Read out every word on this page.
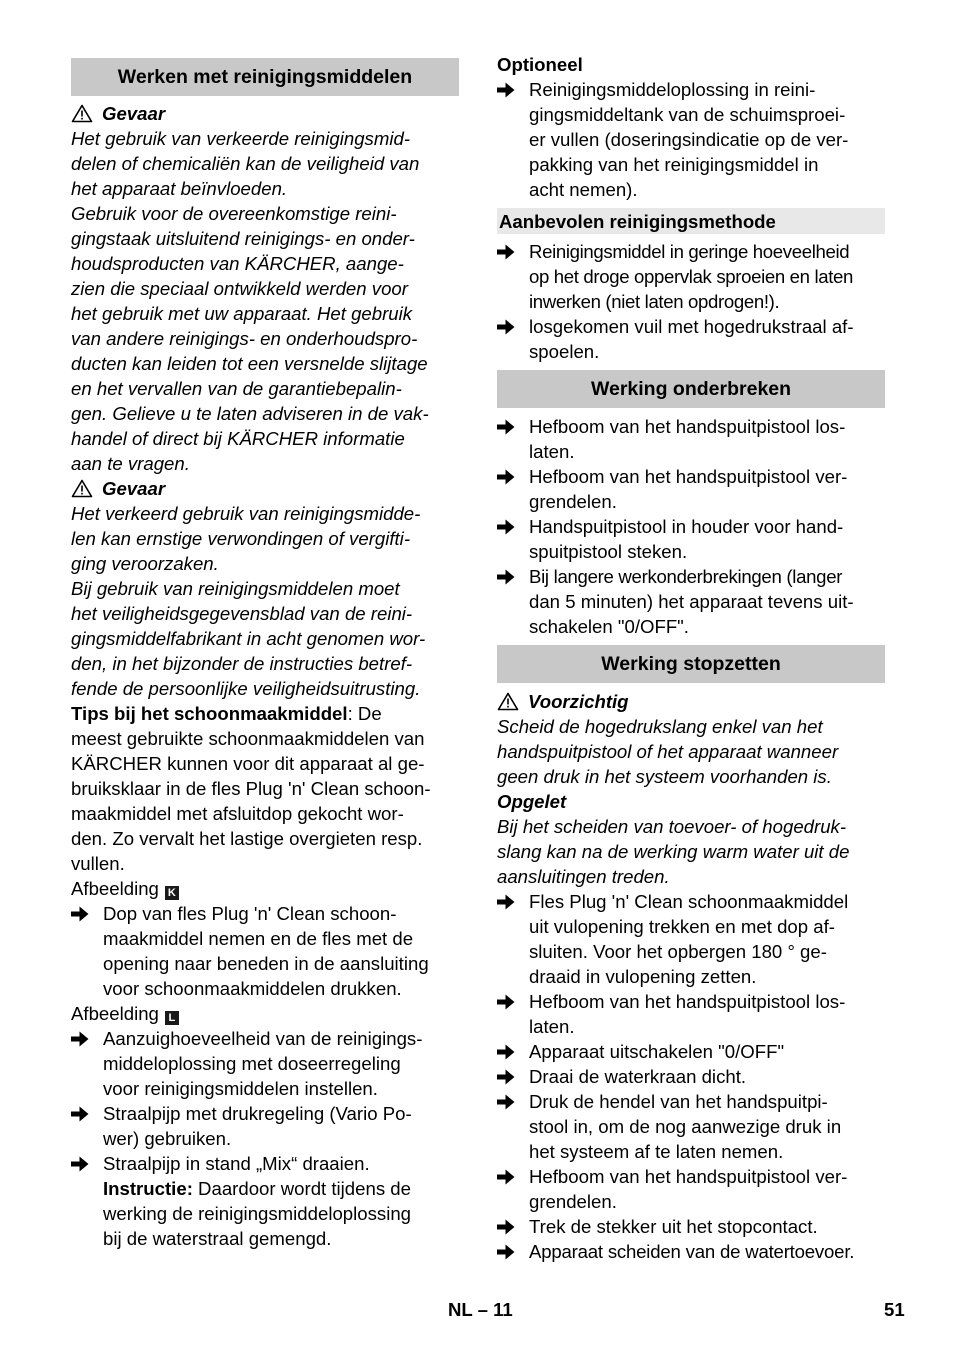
Werken met reinigingsmiddelen
Gevaar
Het gebruik van verkeerde reinigingsmid-
delen of chemicaliën kan de veiligheid van
het apparaat beïnvloeden.
Gebruik voor de overeenkomstige reini-
gingstaak uitsluitend reinigings- en onder-
houdsproducten van KÄRCHER, aange-
zien die speciaal ontwikkeld werden voor
het gebruik met uw apparaat. Het gebruik
van andere reinigings- en onderhoudspro-
ducten kan leiden tot een versnelde slijtage
en het vervallen van de garantiebepalin-
gen. Gelieve u te laten adviseren in de vak-
handel of direct bij KÄRCHER informatie
aan te vragen.
Gevaar
Het verkeerd gebruik van reinigingsmidde-
len kan ernstige verwondingen of vergifti-
ging veroorzaken.
Bij gebruik van reinigingsmiddelen moet
het veiligheidsgegevensblad van de reini-
gingsmiddelfabrikant in acht genomen wor-
den, in het bijzonder de instructies betref-
fende de persoonlijke veiligheidsuitrusting.
Tips bij het schoonmaakmiddel: De
meest gebruikte schoonmaakmiddelen van
KÄRCHER kunnen voor dit apparaat al ge-
bruiksklaar in de fles Plug 'n' Clean schoon-
maakmiddel met afsluitdop gekocht wor-
den. Zo vervalt het lastige overgieten resp.
vullen.
Afbeelding K
Dop van fles Plug 'n' Clean schoon-
maakmiddel nemen en de fles met de
opening naar beneden in de aansluiting
voor schoonmaakmiddelen drukken.
Afbeelding L
Aanzuighoeveelheid van de reinigings-
middeloplossing met doseerregeling
voor reinigingsmiddelen instellen.
Straalpijp met drukregeling (Vario Po-
wer) gebruiken.
Straalpijp in stand „Mix“ draaien.
Instructie: Daardoor wordt tijdens de
werking de reinigingsmiddeloplossing
bij de waterstraal gemengd.
Optioneel
Reinigingsmiddeloplossing in reini-
gingsmiddeltank van de schuimsproei-
er vullen (doseringsindicatie op de ver-
pakking van het reinigingsmiddel in
acht nemen).
Aanbevolen reinigingsmethode
Reinigingsmiddel in geringe hoeveelheid
op het droge oppervlak sproeien en laten
inwerken (niet laten opdrogen!).
losgekomen vuil met hogedrukstraal af-
spoelen.
Werking onderbreken
Hefboom van het handspuitpistool los-
laten.
Hefboom van het handspuitpistool ver-
grendelen.
Handspuitpistool in houder voor hand-
spuitpistool steken.
Bij langere werkonderbrekingen (langer
dan 5 minuten) het apparaat tevens uit-
schakelen "0/OFF".
Werking stopzetten
Voorzichtig
Scheid de hogedrukslang enkel van het
handspuitpistool of het apparaat wanneer
geen druk in het systeem voorhanden is.
Opgelet
Bij het scheiden van toevoer- of hogedruk-
slang kan na de werking warm water uit de
aansluitingen treden.
Fles Plug 'n' Clean schoonmaakmiddel
uit vulopening trekken en met dop af-
sluiten. Voor het opbergen 180 ° ge-
draaid in vulopening zetten.
Hefboom van het handspuitpistool los-
laten.
Apparaat uitschakelen "0/OFF"
Draai de waterkraan dicht.
Druk de hendel van het handspuitpi-
stool in, om de nog aanwezige druk in
het systeem af te laten nemen.
Hefboom van het handspuitpistool ver-
grendelen.
Trek de stekker uit het stopcontact.
Apparaat scheiden van de watertoevoer.
NL – 11	51
